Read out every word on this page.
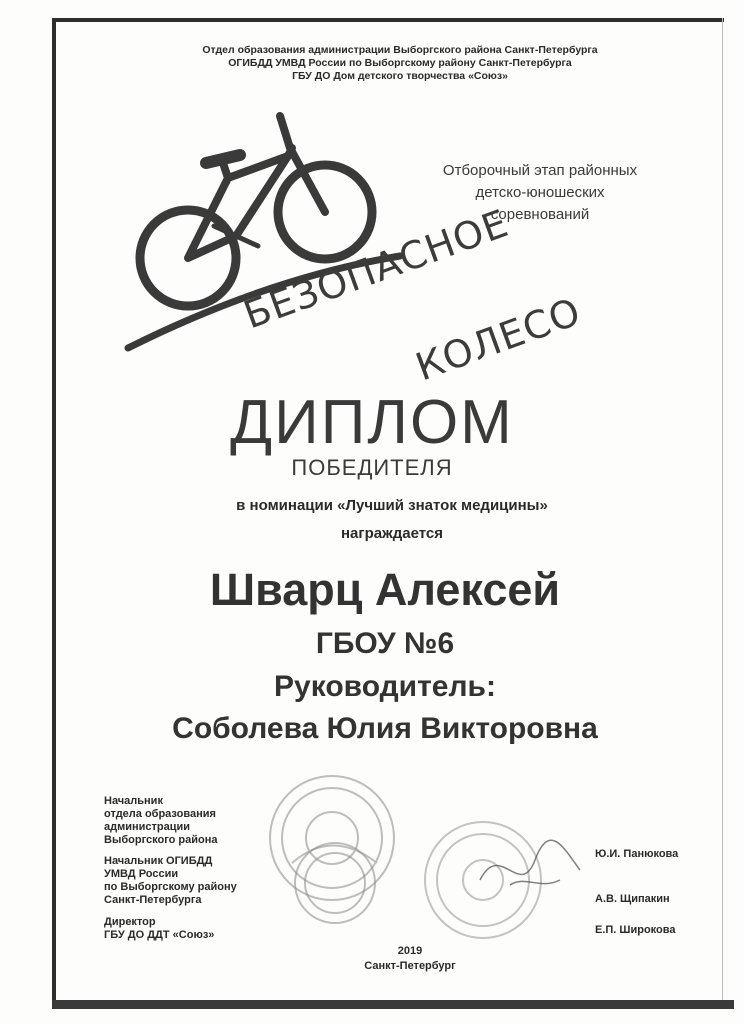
Отдел образования администрации Выборгского района Санкт-Петербурга
ОГИБДД УМВД России по Выборгскому району Санкт-Петербурга
ГБУ ДО Дом детского творчества «Союз»
Отборочный этап районных
детско-юношеских
соревнований
БЕЗОПАСНОЕ
КОЛЕСО
ДИПЛОМ
ПОБЕДИТЕЛЯ
в номинации «Лучший знаток медицины»
награждается
Шварц Алексей
ГБОУ №6
Руководитель:
Соболева Юлия Викторовна
Начальник
отдела образования
администрации
Выборгского района
Начальник ОГИБДД
УМВД России
по Выборгскому району
Санкт-Петербурга
Директор
ГБУ ДО ДДТ «Союз»
Ю.И. Панюкова
А.В. Щипакин
Е.П. Широкова
2019
Санкт-Петербург
